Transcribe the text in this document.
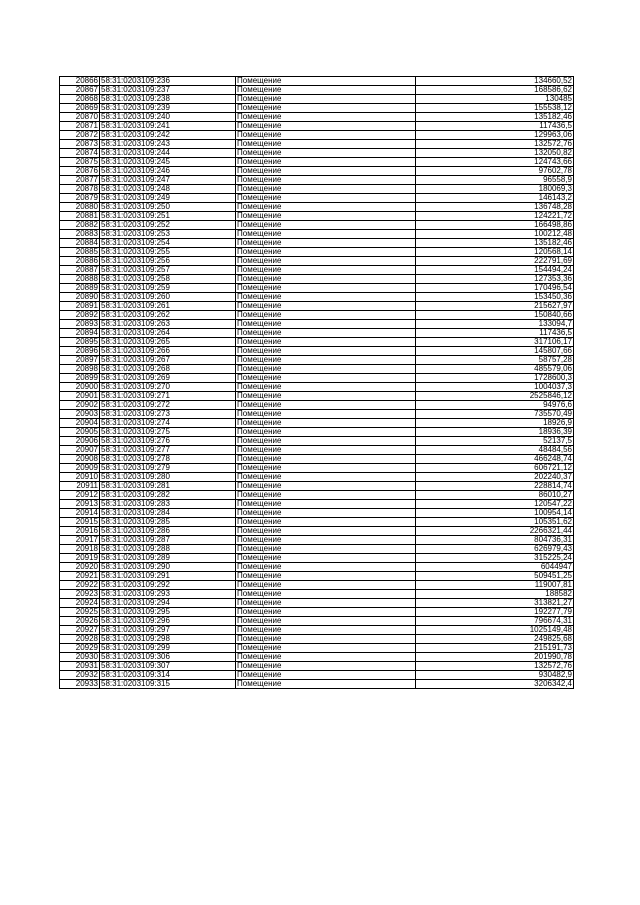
20866	58:31:0203109:236	Помещение	134660,52
20867	58:31:0203109:237	Помещение	168586,62
20868	58:31:0203109:238	Помещение	130485
20869	58:31:0203109:239	Помещение	155538,12
20870	58:31:0203109:240	Помещение	135182,46
20871	58:31:0203109:241	Помещение	117436,5
20872	58:31:0203109:242	Помещение	129963,06
20873	58:31:0203109:243	Помещение	132572,76
20874	58:31:0203109:244	Помещение	132050,82
20875	58:31:0203109:245	Помещение	124743,66
20876	58:31:0203109:246	Помещение	97602,78
20877	58:31:0203109:247	Помещение	96558,9
20878	58:31:0203109:248	Помещение	180069,3
20879	58:31:0203109:249	Помещение	146143,2
20880	58:31:0203109:250	Помещение	136748,28
20881	58:31:0203109:251	Помещение	124221,72
20882	58:31:0203109:252	Помещение	166498,86
20883	58:31:0203109:253	Помещение	100212,48
20884	58:31:0203109:254	Помещение	135182,46
20885	58:31:0203109:255	Помещение	120568,14
20886	58:31:0203109:256	Помещение	222791,69
20887	58:31:0203109:257	Помещение	154494,24
20888	58:31:0203109:258	Помещение	127353,36
20889	58:31:0203109:259	Помещение	170496,54
20890	58:31:0203109:260	Помещение	153450,36
20891	58:31:0203109:261	Помещение	215627,97
20892	58:31:0203109:262	Помещение	150840,66
20893	58:31:0203109:263	Помещение	133094,7
20894	58:31:0203109:264	Помещение	117436,5
20895	58:31:0203109:265	Помещение	317106,17
20896	58:31:0203109:266	Помещение	145807,66
20897	58:31:0203109:267	Помещение	58757,28
20898	58:31:0203109:268	Помещение	485579,06
20899	58:31:0203109:269	Помещение	1728600,3
20900	58:31:0203109:270	Помещение	1004037,3
20901	58:31:0203109:271	Помещение	2525846,12
20902	58:31:0203109:272	Помещение	94976,6
20903	58:31:0203109:273	Помещение	735570,49
20904	58:31:0203109:274	Помещение	18926,9
20905	58:31:0203109:275	Помещение	18936,39
20906	58:31:0203109:276	Помещение	52137,5
20907	58:31:0203109:277	Помещение	48484,56
20908	58:31:0203109:278	Помещение	466248,74
20909	58:31:0203109:279	Помещение	606721,12
20910	58:31:0203109:280	Помещение	202240,37
20911	58:31:0203109:281	Помещение	228814,74
20912	58:31:0203109:282	Помещение	86010,27
20913	58:31:0203109:283	Помещение	120547,22
20914	58:31:0203109:284	Помещение	100954,14
20915	58:31:0203109:285	Помещение	105351,62
20916	58:31:0203109:286	Помещение	2266321,44
20917	58:31:0203109:287	Помещение	804736,31
20918	58:31:0203109:288	Помещение	626979,43
20919	58:31:0203109:289	Помещение	315225,24
20920	58:31:0203109:290	Помещение	6044947
20921	58:31:0203109:291	Помещение	509451,25
20922	58:31:0203109:292	Помещение	119007,81
20923	58:31:0203109:293	Помещение	188582
20924	58:31:0203109:294	Помещение	313821,27
20925	58:31:0203109:295	Помещение	192277,79
20926	58:31:0203109:296	Помещение	796674,31
20927	58:31:0203109:297	Помещение	1025149,48
20928	58:31:0203109:298	Помещение	249825,68
20929	58:31:0203109:299	Помещение	215191,73
20930	58:31:0203109:306	Помещение	201990,78
20931	58:31:0203109:307	Помещение	132572,76
20932	58:31:0203109:314	Помещение	930482,9
20933	58:31:0203109:315	Помещение	3206342,4
